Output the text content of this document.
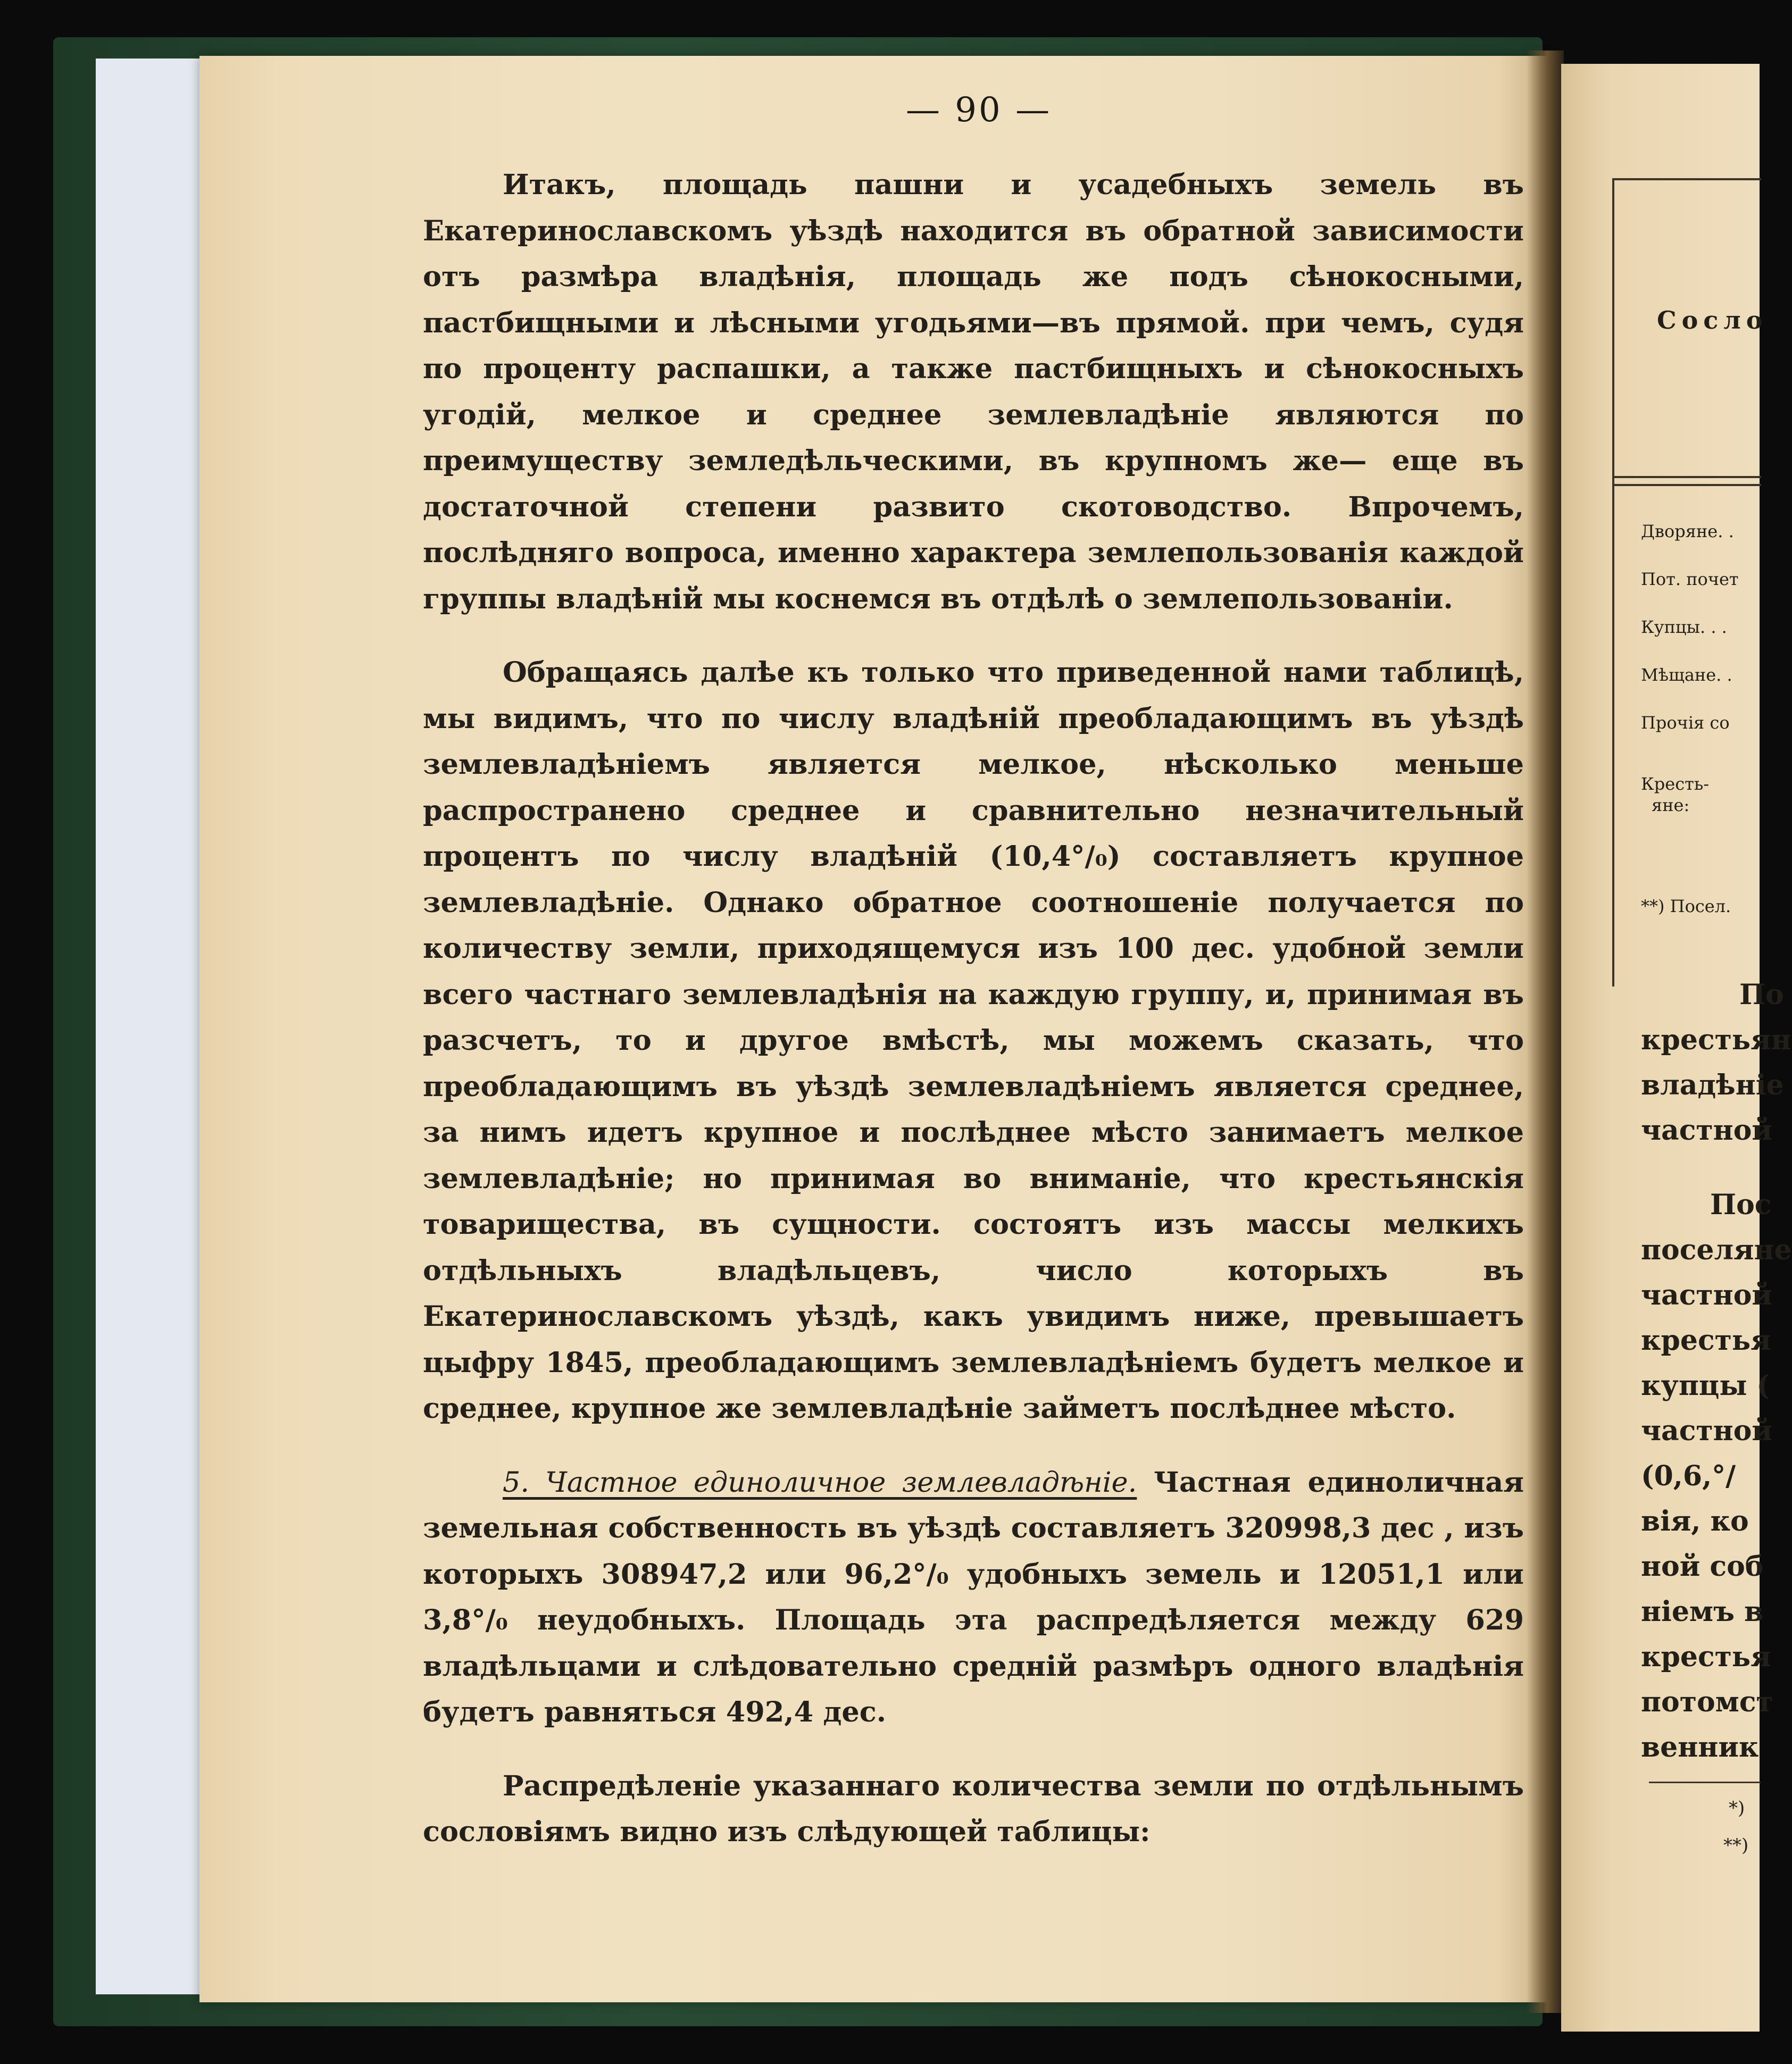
— 90 —

Итакъ, площадь пашни и усадебныхъ земель въ Екатеринославскомъ уѣздѣ находится въ обратной зависимости отъ размѣра владѣнія, площадь же подъ сѣнокосными, пастбищными и лѣсными угодьями—въ прямой. при чемъ, судя по проценту распашки, а также пастбищныхъ и сѣнокосныхъ угодій, мелкое и среднее землевладѣніе являются по преимуществу земледѣльческими, въ крупномъ же— еще въ достаточной степени развито скотоводство. Впрочемъ, послѣдняго вопроса, именно характера землепользованія каждой группы владѣній мы коснемся въ отдѣлѣ о землепользованіи.

Обращаясь далѣе къ только что приведенной нами таблицѣ, мы видимъ, что по числу владѣній преобладающимъ въ уѣздѣ землевладѣніемъ является мелкое, нѣсколько меньше распространено среднее и сравнительно незначительный процентъ по числу владѣній (10,4°/₀) составляетъ крупное землевладѣніе. Однако обратное соотношеніе получается по количеству земли, приходящемуся изъ 100 дес. удобной земли всего частнаго землевладѣнія на каждую группу, и, принимая въ разсчетъ, то и другое вмѣстѣ, мы можемъ сказать, что преобладающимъ въ уѣздѣ землевладѣніемъ является среднее, за нимъ идетъ крупное и послѣднее мѣсто занимаетъ мелкое землевладѣніе; но принимая во вниманіе, что крестьянскія товарищества, въ сущности. состоятъ изъ массы мелкихъ отдѣльныхъ владѣльцевъ, число которыхъ въ Екатеринославскомъ уѣздѣ, какъ увидимъ ниже, превышаетъ цыфру 1845, преобладающимъ землевладѣніемъ будетъ мелкое и среднее, крупное же землевладѣніе займетъ послѣднее мѣсто.

5. Частное единоличное землевладѣніе. Частная единоличная земельная собственность въ уѣздѣ составляетъ 320998,3 дес , изъ которыхъ 308947,2 или 96,2°/₀ удобныхъ земель и 12051,1 или 3,8°/₀ неудобныхъ. Площадь эта распредѣляется между 629 владѣльцами и слѣдовательно средній размѣръ одного владѣнія будетъ равняться 492,4 дес.

Распредѣленіе указаннаго количества земли по отдѣльнымъ сословіямъ видно изъ слѣдующей таблицы:

Сосло
Дворяне. .
Пот. почет
Купцы. . .
Мѣщане. .
Прочія со
Кресть-
яне:
**) Посел.
По
крестьян
владѣніе
частной
Пос
поселяне
частной
крестья
купцы (
частной
(0,6,°/
вія, ко
ной соб
ніемъ в
крестья
потомст
венник
*)
**)
